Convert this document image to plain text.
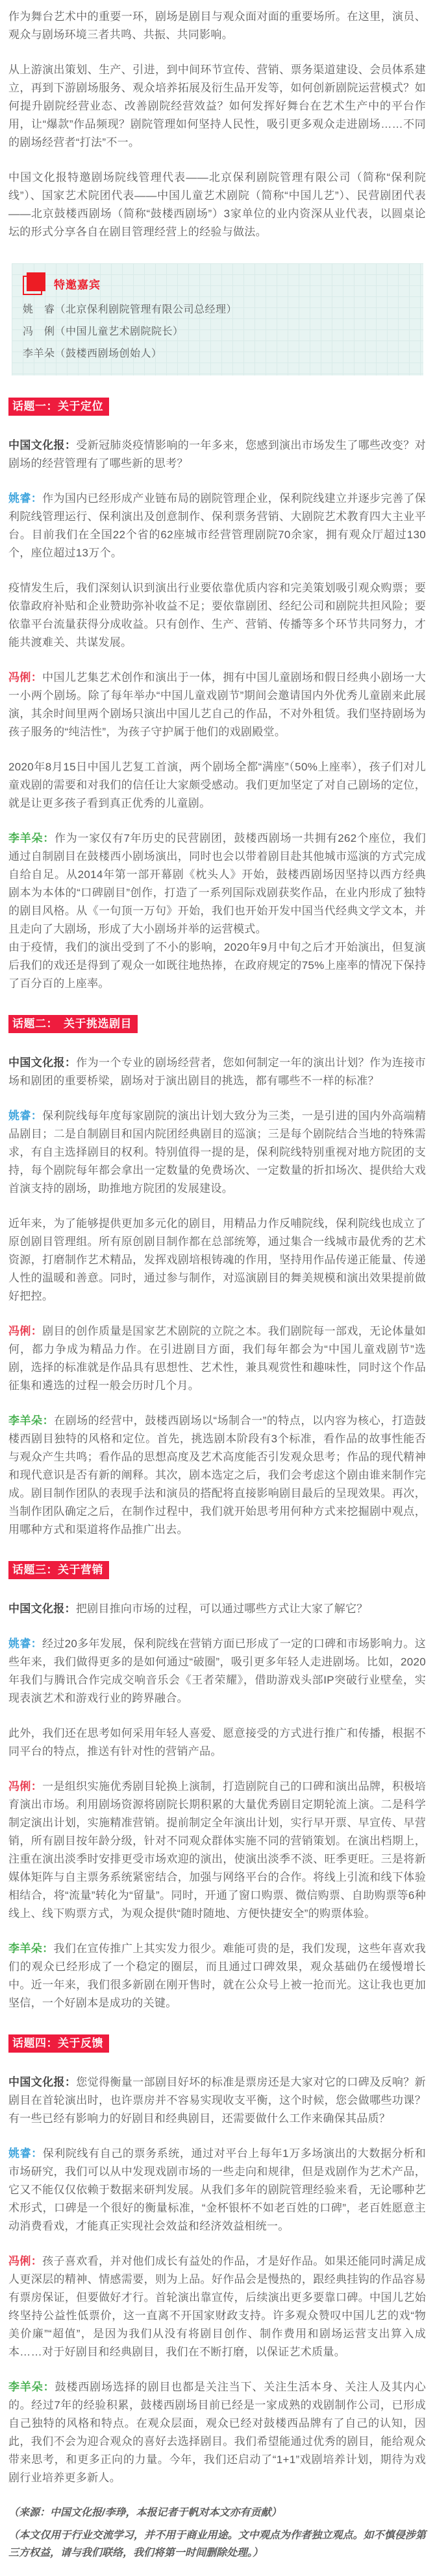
作为舞台艺术中的重要一环，剧场是剧目与观众面对面的重要场所。在这里，演员、观众与剧场环境三者共鸣、共振、共同影响。

从上游演出策划、生产、引进，到中间环节宣传、营销、票务渠道建设、会员体系建立，再到下游剧场服务、观众培养拓展及衍生品开发等，如何创新剧院运营模式？如何提升剧院经营业态、改善剧院经营效益？如何发挥好舞台在艺术生产中的平台作用，让“爆款”作品频现？剧院管理如何坚持人民性，吸引更多观众走进剧场……不同的剧场经营者“打法”不一。

中国文化报特邀剧场院线管理代表——北京保利剧院管理有限公司（简称“保利院线”）、国家艺术院团代表——中国儿童艺术剧院（简称“中国儿艺”）、民营剧团代表——北京鼓楼西剧场（简称“鼓楼西剧场”）3家单位的业内资深从业代表，以圆桌论坛的形式分享各自在剧目管理经营上的经验与做法。

特邀嘉宾

姚　睿（北京保利剧院管理有限公司总经理）

冯　俐（中国儿童艺术剧院院长）

李羊朵（鼓楼西剧场创始人）

话题一：关于定位

中国文化报：受新冠肺炎疫情影响的一年多来，您感到演出市场发生了哪些改变？对剧场的经营管理有了哪些新的思考？

姚睿：作为国内已经形成产业链布局的剧院管理企业，保利院线建立并逐步完善了保利院线管理运行、保利演出及创意制作、保利票务营销、大剧院艺术教育四大主业平台。目前我们在全国22个省的62座城市经营管理剧院70余家，拥有观众厅超过130个，座位超过13万个。

疫情发生后，我们深刻认识到演出行业要依靠优质内容和完美策划吸引观众购票；要依靠政府补贴和企业赞助弥补收益不足；要依靠剧团、经纪公司和剧院共担风险；要依靠平台流量获得分成收益。只有创作、生产、营销、传播等多个环节共同努力，才能共渡难关、共谋发展。

冯俐：中国儿艺集艺术创作和演出于一体，拥有中国儿童剧场和假日经典小剧场一大一小两个剧场。除了每年举办“中国儿童戏剧节”期间会邀请国内外优秀儿童剧来此展演，其余时间里两个剧场只演出中国儿艺自己的作品，不对外租赁。我们坚持剧场为孩子服务的“纯洁性”，为孩子守护属于他们的戏剧殿堂。

2020年8月15日中国儿艺复工首演，两个剧场全都“满座”（50%上座率），孩子们对儿童戏剧的需要和对我们的信任让大家颇受感动。我们更加坚定了对自己剧场的定位，就是让更多孩子看到真正优秀的儿童剧。

李羊朵：作为一家仅有7年历史的民营剧团，鼓楼西剧场一共拥有262个座位，我们通过自制剧目在鼓楼西小剧场演出，同时也会以带着剧目赴其他城市巡演的方式完成自给自足。从2014年第一部开幕剧《枕头人》开始，鼓楼西剧场因坚持以西方经典剧本为本体的“口碑剧目”创作，打造了一系列国际戏剧获奖作品，在业内形成了独特的剧目风格。从《一句顶一万句》开始，我们也开始开发中国当代经典文学文本，并且走向了大剧场，形成了大小剧场并举的运营模式。

由于疫情，我们的演出受到了不小的影响，2020年9月中旬之后才开始演出，但复演后我们的戏还是得到了观众一如既往地热捧，在政府规定的75%上座率的情况下保持了百分百的上座率。

话题二：　关于挑选剧目

中国文化报：作为一个专业的剧场经营者，您如何制定一年的演出计划？作为连接市场和剧团的重要桥梁，剧场对于演出剧目的挑选，都有哪些不一样的标准？

姚睿：保利院线每年度每家剧院的演出计划大致分为三类，一是引进的国内外高端精品剧目；二是自制剧目和国内院团经典剧目的巡演；三是每个剧院结合当地的特殊需求，有自主选择剧目的权利。特别值得一提的是，保利院线特别重视对地方院团的支持，每个剧院每年都会拿出一定数量的免费场次、一定数量的折扣场次、提供给大戏首演支持的剧场，助推地方院团的发展建设。

近年来，为了能够提供更加多元化的剧目，用精品力作反哺院线，保利院线也成立了原创剧目管理组。所有原创剧目制作都在总部统筹，通过集合一线城市最优秀的艺术资源，打磨制作艺术精品，发挥戏剧培根铸魂的作用，坚持用作品传递正能量、传递人性的温暖和善意。同时，通过参与制作，对巡演剧目的舞美规模和演出效果提前做好把控。

冯俐：剧目的创作质量是国家艺术剧院的立院之本。我们剧院每一部戏，无论体量如何，都力争成为精品力作。在引进剧目方面，我们每年都会为“中国儿童戏剧节”选剧，选择的标准就是作品具有思想性、艺术性，兼具观赏性和趣味性，同时这个作品征集和遴选的过程一般会历时几个月。

李羊朵：在剧场的经营中，鼓楼西剧场以“场制合一”的特点，以内容为核心，打造鼓楼西剧目独特的风格和定位。首先，挑选剧本阶段有3个标准，看作品的故事性能否与观众产生共鸣；看作品的思想高度及艺术高度能否引发观众思考；作品的现代精神和现代意识是否有新的阐释。其次，剧本选定之后，我们会考虑这个剧由谁来制作完成。剧目制作团队的表现手法和演员的搭配将直接影响剧目最后的呈现效果。再次，当制作团队确定之后，在制作过程中，我们就开始思考用何种方式来挖掘剧中观点，用哪种方式和渠道将作品推广出去。

话题三：关于营销

中国文化报：把剧目推向市场的过程，可以通过哪些方式让大家了解它？

姚睿：经过20多年发展，保利院线在营销方面已形成了一定的口碑和市场影响力。这些年来，我们做得更多的是如何通过“破圈”，吸引更多年轻人走进剧场。比如，2020年我们与腾讯合作完成交响音乐会《王者荣耀》，借助游戏头部IP突破行业壁垒，实现表演艺术和游戏行业的跨界融合。

此外，我们还在思考如何采用年轻人喜爱、愿意接受的方式进行推广和传播，根据不同平台的特点，推送有针对性的营销产品。

冯俐：一是组织实施优秀剧目轮换上演制，打造剧院自己的口碑和演出品牌，积极培育演出市场。利用剧场资源将剧院长期积累的大量优秀剧目定期轮流上演。二是科学制定演出计划，实施精准营销。提前制定全年演出计划，实行早开票、早宣传、早营销，所有剧目按年龄分级，针对不同观众群体实施不同的营销策划。在演出档期上，注重在演出淡季时安排更受市场欢迎的演出，使演出淡季不淡、旺季更旺。三是将新媒体矩阵与自主票务系统紧密结合，加强与网络平台的合作。将线上引流和线下体验相结合，将“流量”转化为“留量”。同时，开通了窗口购票、微信购票、自助购票等6种线上、线下购票方式，为观众提供“随时随地、方便快捷安全”的购票体验。

李羊朵：我们在宣传推广上其实发力很少。难能可贵的是，我们发现，这些年喜欢我们的观众已经形成了一个稳定的圈层，而且通过口碑效果，观众基础仍在缓慢增长中。近一年来，我们很多新剧在刚开售时，就在公众号上被一抢而光。这让我也更加坚信，一个好剧本是成功的关键。

话题四：关于反馈

中国文化报：您觉得衡量一部剧目好坏的标准是票房还是大家对它的口碑及反响？新剧目在首轮演出时，也许票房并不容易实现收支平衡，这个时候，您会做哪些功课？有一些已经有影响力的好剧目和经典剧目，还需要做什么工作来确保其品质？

姚睿：保利院线有自己的票务系统，通过对平台上每年1万多场演出的大数据分析和市场研究，我们可以从中发现戏剧市场的一些走向和规律，但是戏剧作为艺术产品，它又不能仅仅依赖于数据来研判发展。从我们多年的剧院管理经验来看，无论哪种艺术形式，口碑是一个很好的衡量标准，“金杯银杯不如老百姓的口碑”，老百姓愿意主动消费看戏，才能真正实现社会效益和经济效益相统一。

冯俐：孩子喜欢看，并对他们成长有益处的作品，才是好作品。如果还能同时满足成人更深层的精神、情感需要，则为上品。好作品会是慢热的，跟经典挂钩的作品容易有票房保证，但要做好才行。首轮演出靠宣传，后续演出更多要靠口碑。中国儿艺始终坚持公益性低票价，这一直离不开国家财政支持。许多观众赞叹中国儿艺的戏“物美价廉”“超值”，是因为我们从没有将剧目创作、制作费用和剧场运营支出算入成本……对于好剧目和经典剧目，我们在不断打磨，以保证艺术质量。

李羊朵：鼓楼西剧场选择的剧目也都是关注当下、关注生活本身、关注人及其内心的。经过7年的经验积累，鼓楼西剧场目前已经是一家成熟的戏剧制作公司，已形成自己独特的风格和特点。在观众层面，观众已经对鼓楼西品牌有了自己的认知，因此，我们不会为迎合观众的喜好去选择剧目。我们希望能通过优秀的剧目，能给观众带来思考，和更多正向的力量。今年，我们还启动了“1+1”戏剧培养计划，期待为戏剧行业培养更多新人。

（来源：中国文化报/李琤，本报记者于帆对本文亦有贡献）

（本文仅用于行业交流学习，并不用于商业用途。文中观点为作者独立观点。如不慎侵涉第三方权益，请与我们联络，我们将第一时间删除处理。）
